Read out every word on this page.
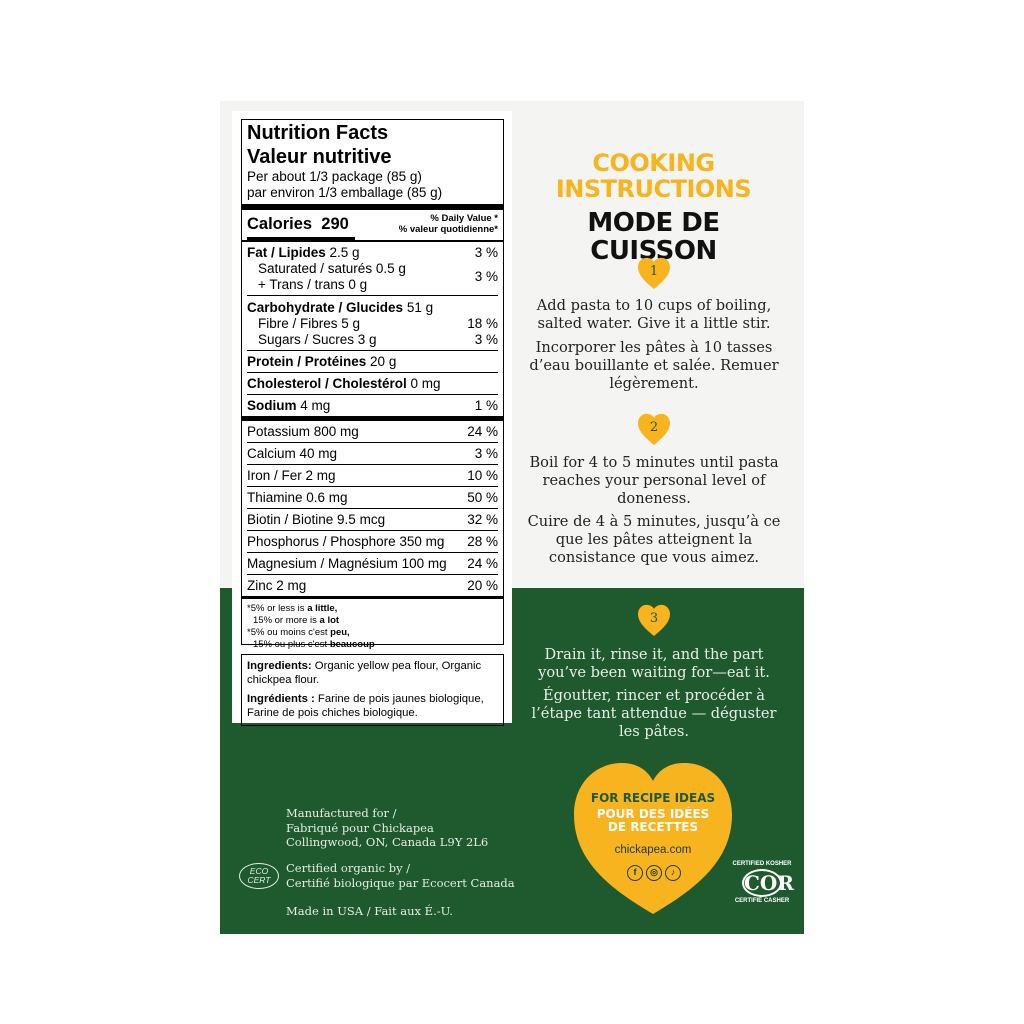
Nutrition Facts
Valeur nutritive
Per about 1/3 package (85 g)
par environ 1/3 emballage (85 g)
Calories 290	% Daily Value *
% valeur quotidienne*
Fat / Lipides 2.5 g	3 %
Saturated / saturés 0.5 g
+ Trans / trans 0 g
3 %
Carbohydrate / Glucides 51 g
Fibre / Fibres 5 g	18 %
Sugars / Sucres 3 g	3 %
Protein / Protéines 20 g
Cholesterol / Cholestérol 0 mg
Sodium 4 mg	1 %
Potassium 800 mg	24 %
Calcium 40 mg	3 %
Iron / Fer 2 mg	10 %
Thiamine 0.6 mg	50 %
Biotin / Biotine 9.5 mcg	32 %
Phosphorus / Phosphore 350 mg 28 %
Magnesium / Magnésium 100 mg 24 %
Zinc 2 mg	20 %
*5% or less is a little,
15% or more is a lot
*5% ou moins c'est peu,
15% ou plus c'est beaucoup

Ingredients: Organic yellow pea flour, Organic chickpea flour.

Ingrédients : Farine de pois jaunes biologique, Farine de pois chiches biologique.

COOKING
INSTRUCTIONS
MODE DE CUISSON
1
Add pasta to 10 cups of boiling, salted water. Give it a little stir.
Incorporer les pâtes à 10 tasses d’eau bouillante et salée. Remuer légèrement.
2
Boil for 4 to 5 minutes until pasta reaches your personal level of doneness.
Cuire de 4 à 5 minutes, jusqu’à ce que les pâtes atteignent la consistance que vous aimez.
3
Drain it, rinse it, and the part you’ve been waiting for—eat it.
Égoutter, rincer et procéder à l’étape tant attendue — déguster les pâtes.
Manufactured for /
Fabriqué pour Chickapea
Collingwood, ON, Canada L9Y 2L6
ECO CERT
Certified organic by /
Certifié biologique par Ecocert Canada
Made in USA / Fait aux É.-U.
FOR RECIPE IDEAS
POUR DES IDÉES
DE RECETTES
chickapea.com
f	◎	♪
CERTIFIED KOSHER
COR
CERTIFIÉ CASHER
